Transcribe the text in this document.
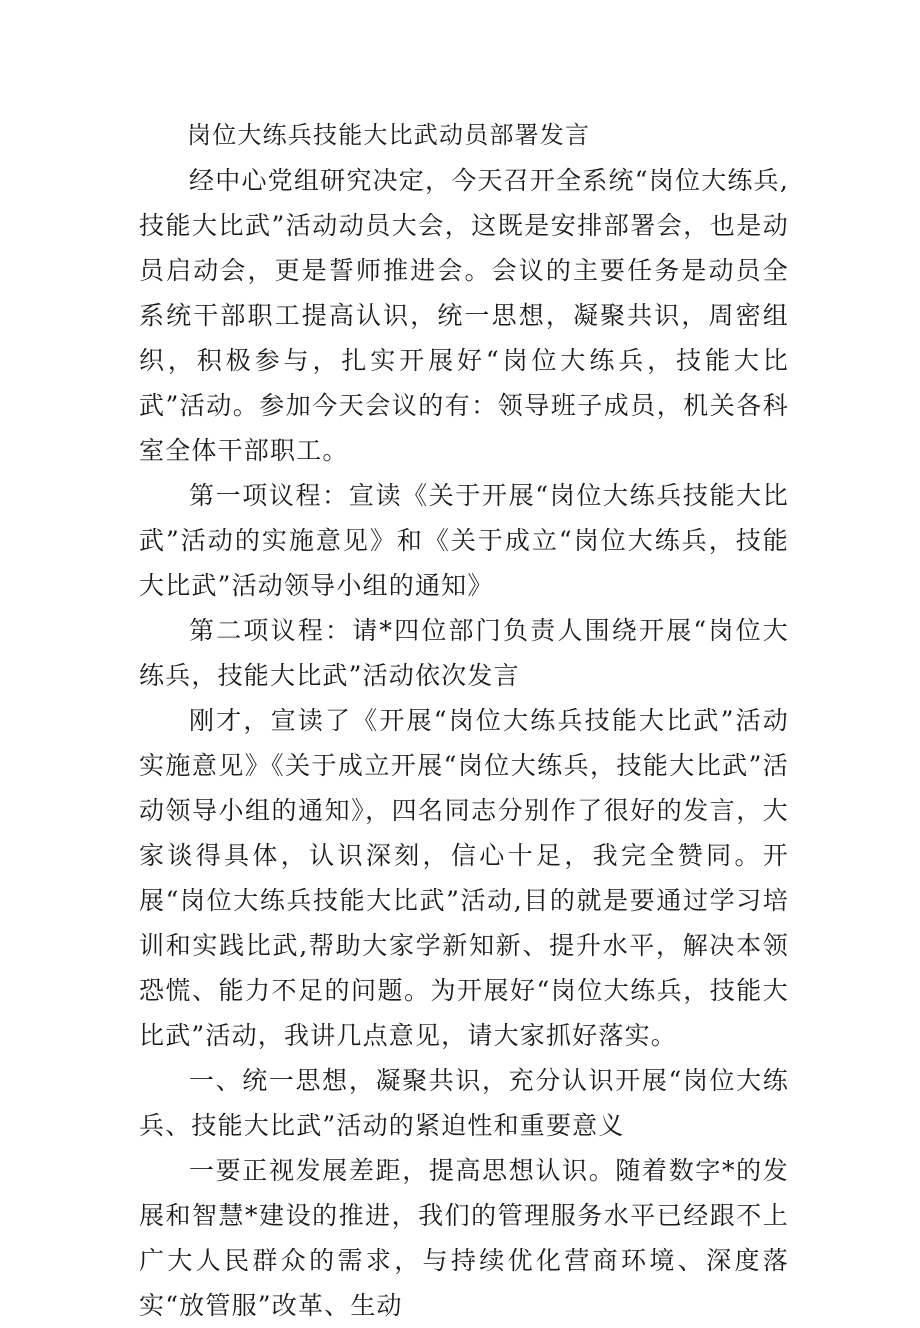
岗位大练兵技能大比武动员部署发言

经中心党组研究决定，今天召开全系统“岗位大练兵,技能大比武”活动动员大会，这既是安排部署会，也是动员启动会，更是誓师推进会。会议的主要任务是动员全系统干部职工提高认识，统一思想，凝聚共识，周密组织，积极参与，扎实开展好“岗位大练兵，技能大比武”活动。参加今天会议的有：领导班子成员，机关各科室全体干部职工。

第一项议程：宣读《关于开展“岗位大练兵技能大比武”活动的实施意见》和《关于成立“岗位大练兵，技能大比武”活动领导小组的通知》

第二项议程：请*四位部门负责人围绕开展“岗位大练兵，技能大比武”活动依次发言

刚才，宣读了《开展“岗位大练兵技能大比武”活动实施意见》《关于成立开展“岗位大练兵，技能大比武”活动领导小组的通知》，四名同志分别作了很好的发言，大家谈得具体，认识深刻，信心十足，我完全赞同。开展“岗位大练兵技能大比武”活动,目的就是要通过学习培训和实践比武,帮助大家学新知新、提升水平，解决本领恐慌、能力不足的问题。为开展好“岗位大练兵，技能大比武”活动，我讲几点意见，请大家抓好落实。

一、统一思想，凝聚共识，充分认识开展“岗位大练兵、技能大比武”活动的紧迫性和重要意义

一要正视发展差距，提高思想认识。随着数字*的发展和智慧*建设的推进，我们的管理服务水平已经跟不上广大人民群众的需求，与持续优化营商环境、深度落实“放管服”改革、生动
